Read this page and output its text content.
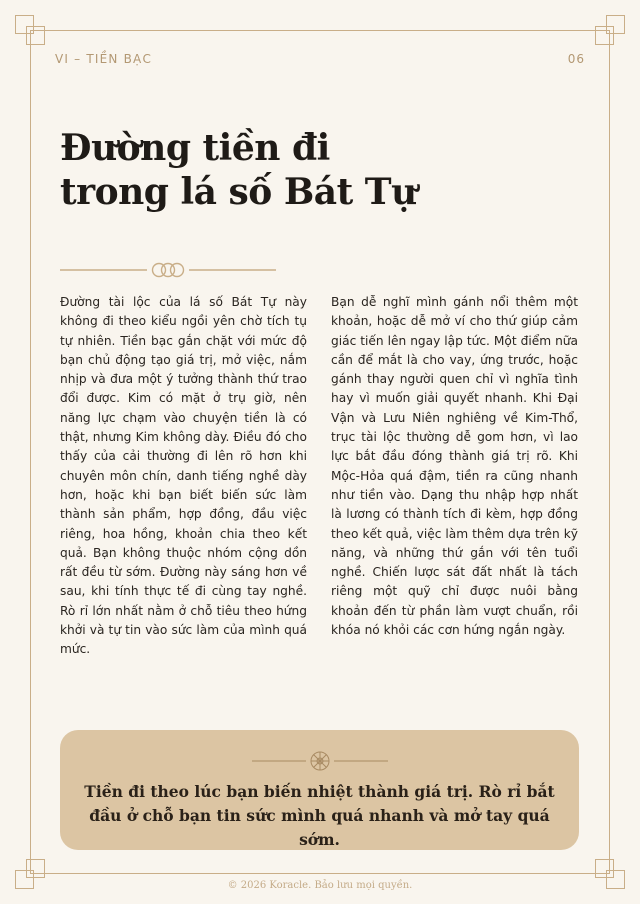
VI – TIỀN BẠC	06
Đường tiền đi
trong lá số Bát Tự

Đường tài lộc của lá số Bát Tự này không đi theo kiểu ngồi yên chờ tích tụ tự nhiên. Tiền bạc gắn chặt với mức độ bạn chủ động tạo giá trị, mở việc, nắm nhịp và đưa một ý tưởng thành thứ trao đổi được. Kim có mặt ở trụ giờ, nên năng lực chạm vào chuyện tiền là có thật, nhưng Kim không dày. Điều đó cho thấy của cải thường đi lên rõ hơn khi chuyên môn chín, danh tiếng nghề dày hơn, hoặc khi bạn biết biến sức làm thành sản phẩm, hợp đồng, đầu việc riêng, hoa hồng, khoản chia theo kết quả. Bạn không thuộc nhóm cộng dồn rất đều từ sớm. Đường này sáng hơn về sau, khi tính thực tế đi cùng tay nghề. Rò rỉ lớn nhất nằm ở chỗ tiêu theo hứng khởi và tự tin vào sức làm của mình quá mức.

Bạn dễ nghĩ mình gánh nổi thêm một khoản, hoặc dễ mở ví cho thứ giúp cảm giác tiến lên ngay lập tức. Một điểm nữa cần để mắt là cho vay, ứng trước, hoặc gánh thay người quen chỉ vì nghĩa tình hay vì muốn giải quyết nhanh. Khi Đại Vận và Lưu Niên nghiêng về Kim-Thổ, trục tài lộc thường dễ gom hơn, vì lao lực bắt đầu đóng thành giá trị rõ. Khi Mộc-Hỏa quá đậm, tiền ra cũng nhanh như tiền vào. Dạng thu nhập hợp nhất là lương có thành tích đi kèm, hợp đồng theo kết quả, việc làm thêm dựa trên kỹ năng, và những thứ gắn với tên tuổi nghề. Chiến lược sát đất nhất là tách riêng một quỹ chỉ được nuôi bằng khoản đến từ phần làm vượt chuẩn, rồi khóa nó khỏi các cơn hứng ngắn ngày.

Tiền đi theo lúc bạn biến nhiệt thành giá trị. Rò rỉ bắt đầu ở chỗ bạn tin sức mình quá nhanh và mở tay quá sớm.

© 2026 Koracle. Bảo lưu mọi quyền.
